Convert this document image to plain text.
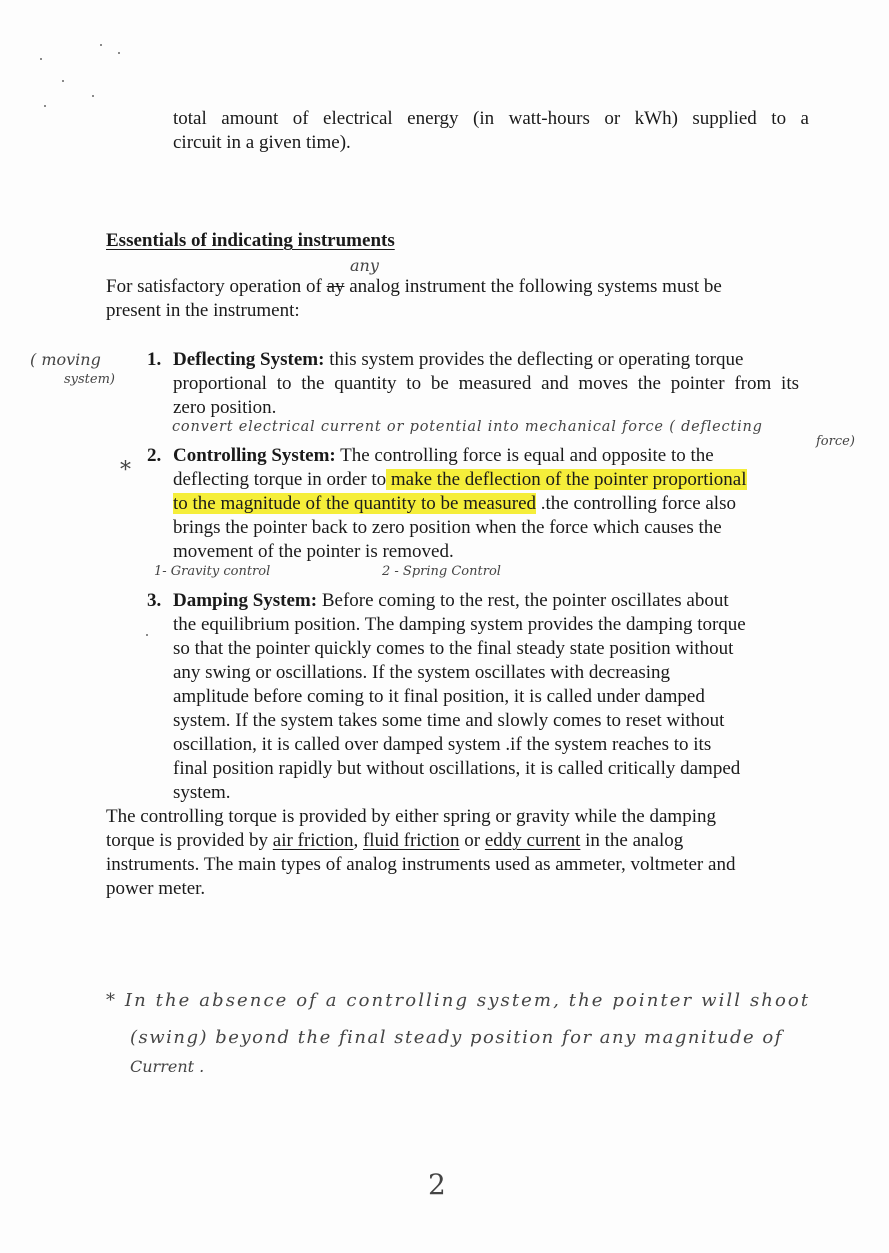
total amount of electrical energy (in watt-hours or kWh) supplied to a

circuit in a given time).

Essentials of indicating instruments

any

For satisfactory operation of ay analog instrument the following systems must be

present in the instrument:

( moving
system)
1. Deflecting System: this system provides the deflecting or operating torque

proportional to the quantity to be measured and moves the pointer from its

zero position.

convert electrical current or potential into mechanical force ( deflecting
force)
*
2. Controlling System: The controlling force is equal and opposite to the

deflecting torque in order to make the deflection of the pointer proportional

to the magnitude of the quantity to be measured .the controlling force also

brings the pointer back to zero position when the force which causes the

movement of the pointer is removed.

1- Gravity control	2 - Spring Control
3. Damping System: Before coming to the rest, the pointer oscillates about

the equilibrium position. The damping system provides the damping torque

so that the pointer quickly comes to the final steady state position without

any swing or oscillations. If the system oscillates with decreasing

amplitude before coming to it final position, it is called under damped

system. If the system takes some time and slowly comes to reset without

oscillation, it is called over damped system .if the system reaches to its

final position rapidly but without oscillations, it is called critically damped

system.

The controlling torque is provided by either spring or gravity while the damping

torque is provided by air friction, fluid friction or eddy current in the analog

instruments. The main types of analog instruments used as ammeter, voltmeter and

power meter.

* In the absence of a controlling system, the pointer will shoot
(swing) beyond the final steady position for any magnitude of
Current .
2
